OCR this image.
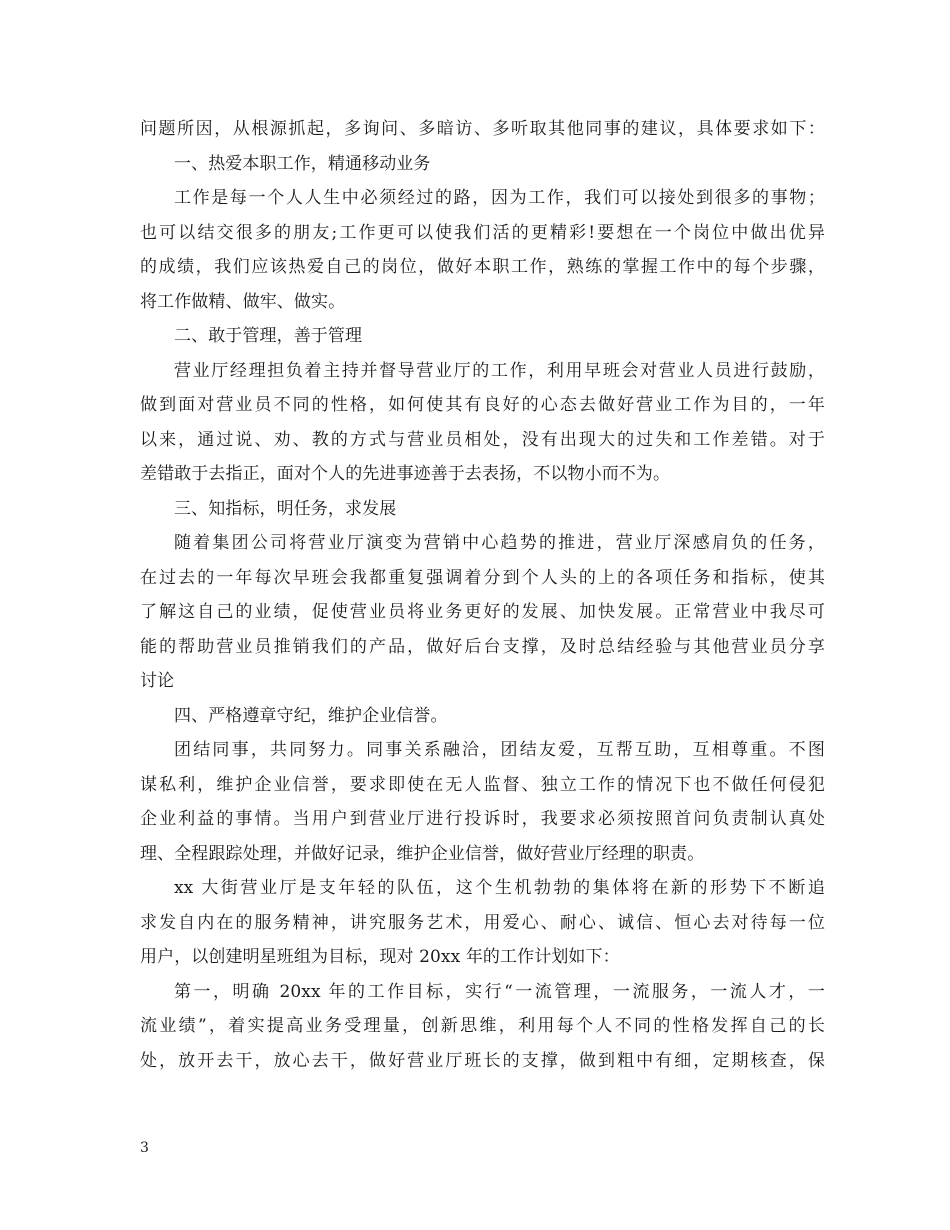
问题所因，从根源抓起，多询问、多暗访、多听取其他同事的建议，具体要求如下：
一、热爱本职工作，精通移动业务
工作是每一个人人生中必须经过的路，因为工作，我们可以接处到很多的事物；
也可以结交很多的朋友;工作更可以使我们活的更精彩!要想在一个岗位中做出优异
的成绩，我们应该热爱自己的岗位，做好本职工作，熟练的掌握工作中的每个步骤，
将工作做精、做牢、做实。
二、敢于管理，善于管理
营业厅经理担负着主持并督导营业厅的工作，利用早班会对营业人员进行鼓励，
做到面对营业员不同的性格，如何使其有良好的心态去做好营业工作为目的，一年
以来，通过说、劝、教的方式与营业员相处，没有出现大的过失和工作差错。对于
差错敢于去指正，面对个人的先进事迹善于去表扬，不以物小而不为。
三、知指标，明任务，求发展
随着集团公司将营业厅演变为营销中心趋势的推进，营业厅深感肩负的任务，
在过去的一年每次早班会我都重复强调着分到个人头的上的各项任务和指标，使其
了解这自己的业绩，促使营业员将业务更好的发展、加快发展。正常营业中我尽可
能的帮助营业员推销我们的产品，做好后台支撑，及时总结经验与其他营业员分享
讨论
四、严格遵章守纪，维护企业信誉。
团结同事，共同努力。同事关系融洽，团结友爱，互帮互助，互相尊重。不图
谋私利，维护企业信誉，要求即使在无人监督、独立工作的情况下也不做任何侵犯
企业利益的事情。当用户到营业厅进行投诉时，我要求必须按照首问负责制认真处
理、全程跟踪处理，并做好记录，维护企业信誉，做好营业厅经理的职责。
xx 大街营业厅是支年轻的队伍，这个生机勃勃的集体将在新的形势下不断追
求发自内在的服务精神，讲究服务艺术，用爱心、耐心、诚信、恒心去对待每一位
用户，以创建明星班组为目标，现对 20xx 年的工作计划如下：
第一，明确 20xx 年的工作目标，实行“一流管理，一流服务，一流人才，一
流业绩”，着实提高业务受理量，创新思维，利用每个人不同的性格发挥自己的长
处，放开去干，放心去干，做好营业厅班长的支撑，做到粗中有细，定期核查，保
3
